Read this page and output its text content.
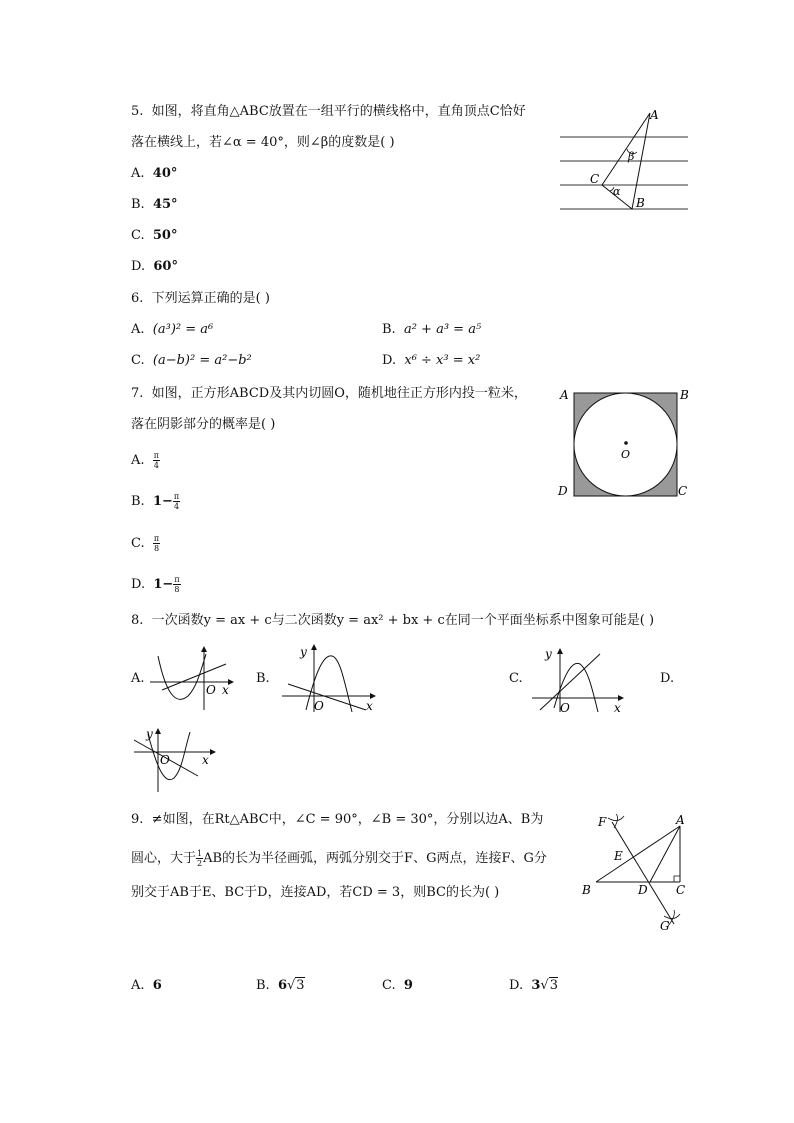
5. 如图，将直角△ABC放置在一组平行的横线格中，直角顶点C恰好
落在横线上，若∠α = 40°，则∠β的度数是( )
A. 40°
B. 45°
C. 50°
D. 60°
A
C
B
β
α
6. 下列运算正确的是( )
A. (a³)² = a⁶	B. a² + a³ = a⁵
C. (a−b)² = a²−b²	D. x⁶ ÷ x³ = x²
7. 如图，正方形ABCD及其内切圆O，随机地往正方形内投一粒米，
落在阴影部分的概率是( )
A. $\frac{\pi}{4}$
B. $1- \frac{\pi}{4}$
C. $\frac{\pi}{8}$
D. $1- \frac{\pi}{8}$
A	B
D	C
O
8. 一次函数y = ax + c与二次函数y = ax² + bx + c在同一个平面坐标系中图象可能是( )
A.	B.	C.	D.
O x
y
O	x
y
O	x
y
O	x
9. ≠如图，在Rt△ABC中，∠C = 90°，∠B = 30°，分别以边A、B为
圆心，大于 $\frac{1}{2}$ AB的长为半径画弧，两弧分别交于F、G两点，连接F、G分
别交于AB于E、BC于D，连接AD，若CD = 3，则BC的长为( )
A. 6	B. 6√3	C. 9	D. 3√3
A
B	C
D
E
F
G
